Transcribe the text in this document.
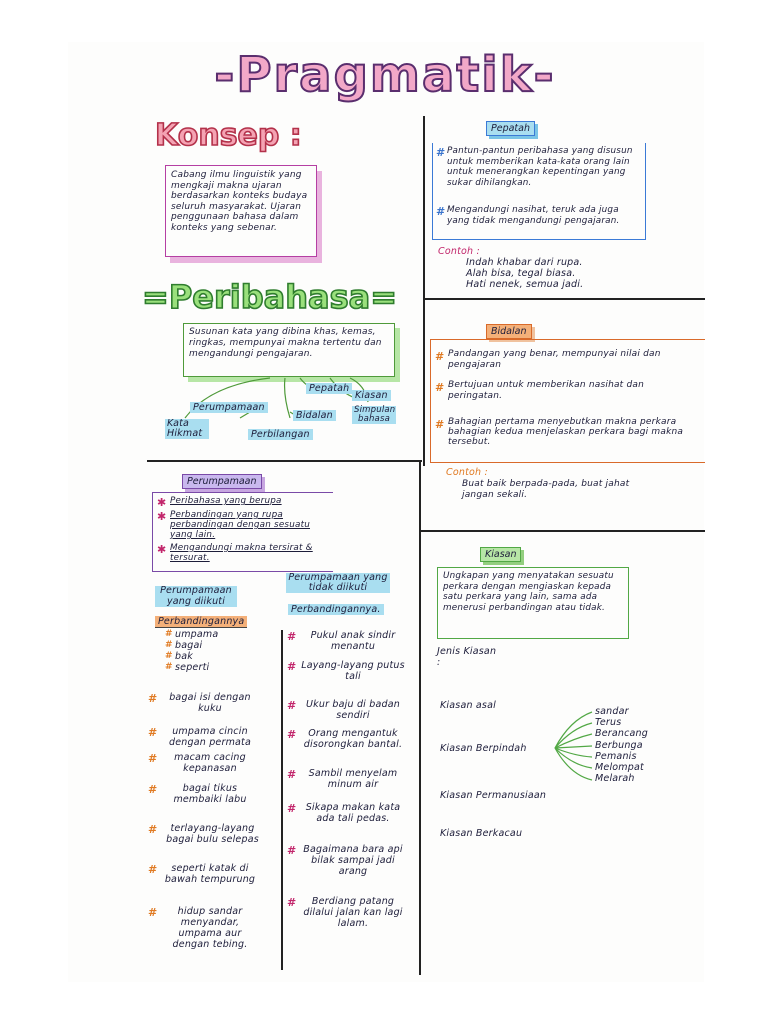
-Pragmatik-
Konsep :
Cabang ilmu linguistik yang mengkaji makna ujaran berdasarkan konteks budaya seluruh masyarakat. Ujaran penggunaan bahasa dalam konteks yang sebenar.
=Peribahasa=
Susunan kata yang dibina khas, kemas, ringkas, mempunyai makna tertentu dan mengandungi pengajaran.
Pepatah
Kiasan
Perumpamaan
Bidalan	Simpulan bahasa
Kata Hikmat	Perbilangan
Pepatah
# Pantun-pantun peribahasa yang disusun untuk memberikan kata-kata orang lain untuk menerangkan kepentingan yang sukar dihilangkan.
# Mengandungi nasihat, teruk ada juga yang tidak mengandungi pengajaran.
Contoh :
Indah khabar dari rupa.
Alah bisa, tegal biasa.
Hati nenek, semua jadi.
Bidalan
# Pandangan yang benar, mempunyai nilai dan pengajaran
# Bertujuan untuk memberikan nasihat dan peringatan.
# Bahagian pertama menyebutkan makna perkara bahagian kedua menjelaskan perkara bagi makna tersebut.
Contoh :
Buat baik berpada-pada, buat jahat jangan sekali.
Perumpamaan
✱ Peribahasa yang berupa
✱ Perbandingan yang rupa perbandingan dengan sesuatu yang lain.
✱ Mengandungi makna tersirat & tersurat.
Perumpamaan yang diikuti
Perbandingannya
# umpama
# bagai
# bak
# seperti
#	bagai isi dengan kuku
#	umpama cincin dengan permata
#	macam cacing kepanasan
#	bagai tikus membaiki labu
#	terlayang-layang bagai bulu selepas
#	seperti katak di bawah tempurung
#	hidup sandar menyandar, umpama aur dengan tebing.
Perumpamaan yang tidak diikuti
Perbandingannya.
#	Pukul anak sindir menantu
# Layang-layang putus tali
#	Ukur baju di badan sendiri
#	Orang mengantuk disorongkan bantal.
#	Sambil menyelam minum air
# Sikapa makan kata ada tali pedas.
# Bagaimana bara api bilak sampai jadi arang
#	Berdiang patang dilalui jalan kan lagi lalam.
Kiasan
Ungkapan yang menyatakan sesuatu perkara dengan mengiaskan kepada satu perkara yang lain, sama ada menerusi perbandingan atau tidak.
Jenis Kiasan :
Kiasan asal
Kiasan Berpindah
Kiasan Permanusiaan
Kiasan Berkacau
sandar
Terus
Berancang
Berbunga
Pemanis
Melompat
Melarah
